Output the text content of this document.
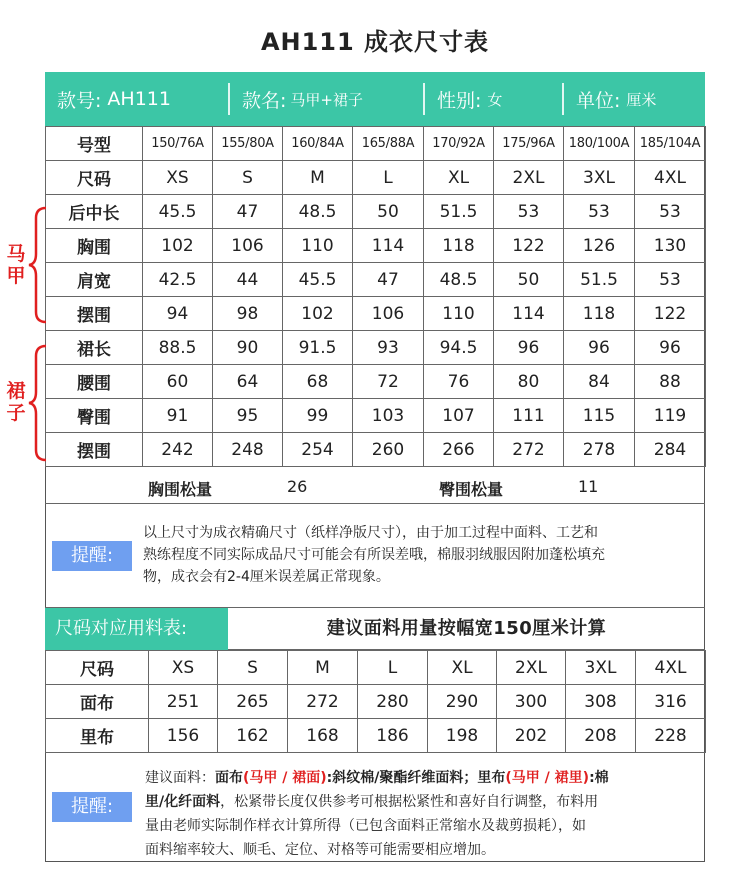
AH111 成衣尺寸表
款号: AH111	款名: 马甲+裙子	性别: 女	单位: 厘米
号型	150/76A	155/80A	160/84A	165/88A	170/92A	175/96A	180/100A	185/104A
尺码	XS	S	M	L	XL	2XL	3XL	4XL
后中长	45.5	47	48.5	50	51.5	53	53	53
胸围	102	106	110	114	118	122	126	130
肩宽	42.5	44	45.5	47	48.5	50	51.5	53
摆围	94	98	102	106	110	114	118	122
裙长	88.5	90	91.5	93	94.5	96	96	96
腰围	60	64	68	72	76	80	84	88
臀围	91	95	99	103	107	111	115	119
摆围	242	248	254	260	266	272	278	284
马
甲
裙
子
胸围松量	26	臀围松量	11
提醒:
以上尺寸为成衣精确尺寸（纸样净版尺寸），由于加工过程中面料、工艺和
熟练程度不同实际成品尺寸可能会有所误差哦，棉服羽绒服因附加蓬松填充
物，成衣会有2-4厘米误差属正常现象。
尺码对应用料表:	建议面料用量按幅宽150厘米计算
尺码	XS	S	M	L	XL	2XL	3XL	4XL
面布	251	265	272	280	290	300	308	316
里布	156	162	168	186	198	202	208	228
提醒:
建议面料：面布(马甲 / 裙面):斜纹棉/聚酯纤维面料；里布(马甲 / 裙里):棉
里/化纤面料，松紧带长度仅供参考可根据松紧性和喜好自行调整，布料用
量由老师实际制作样衣计算所得（已包含面料正常缩水及裁剪损耗），如
面料缩率较大、顺毛、定位、对格等可能需要相应增加。
